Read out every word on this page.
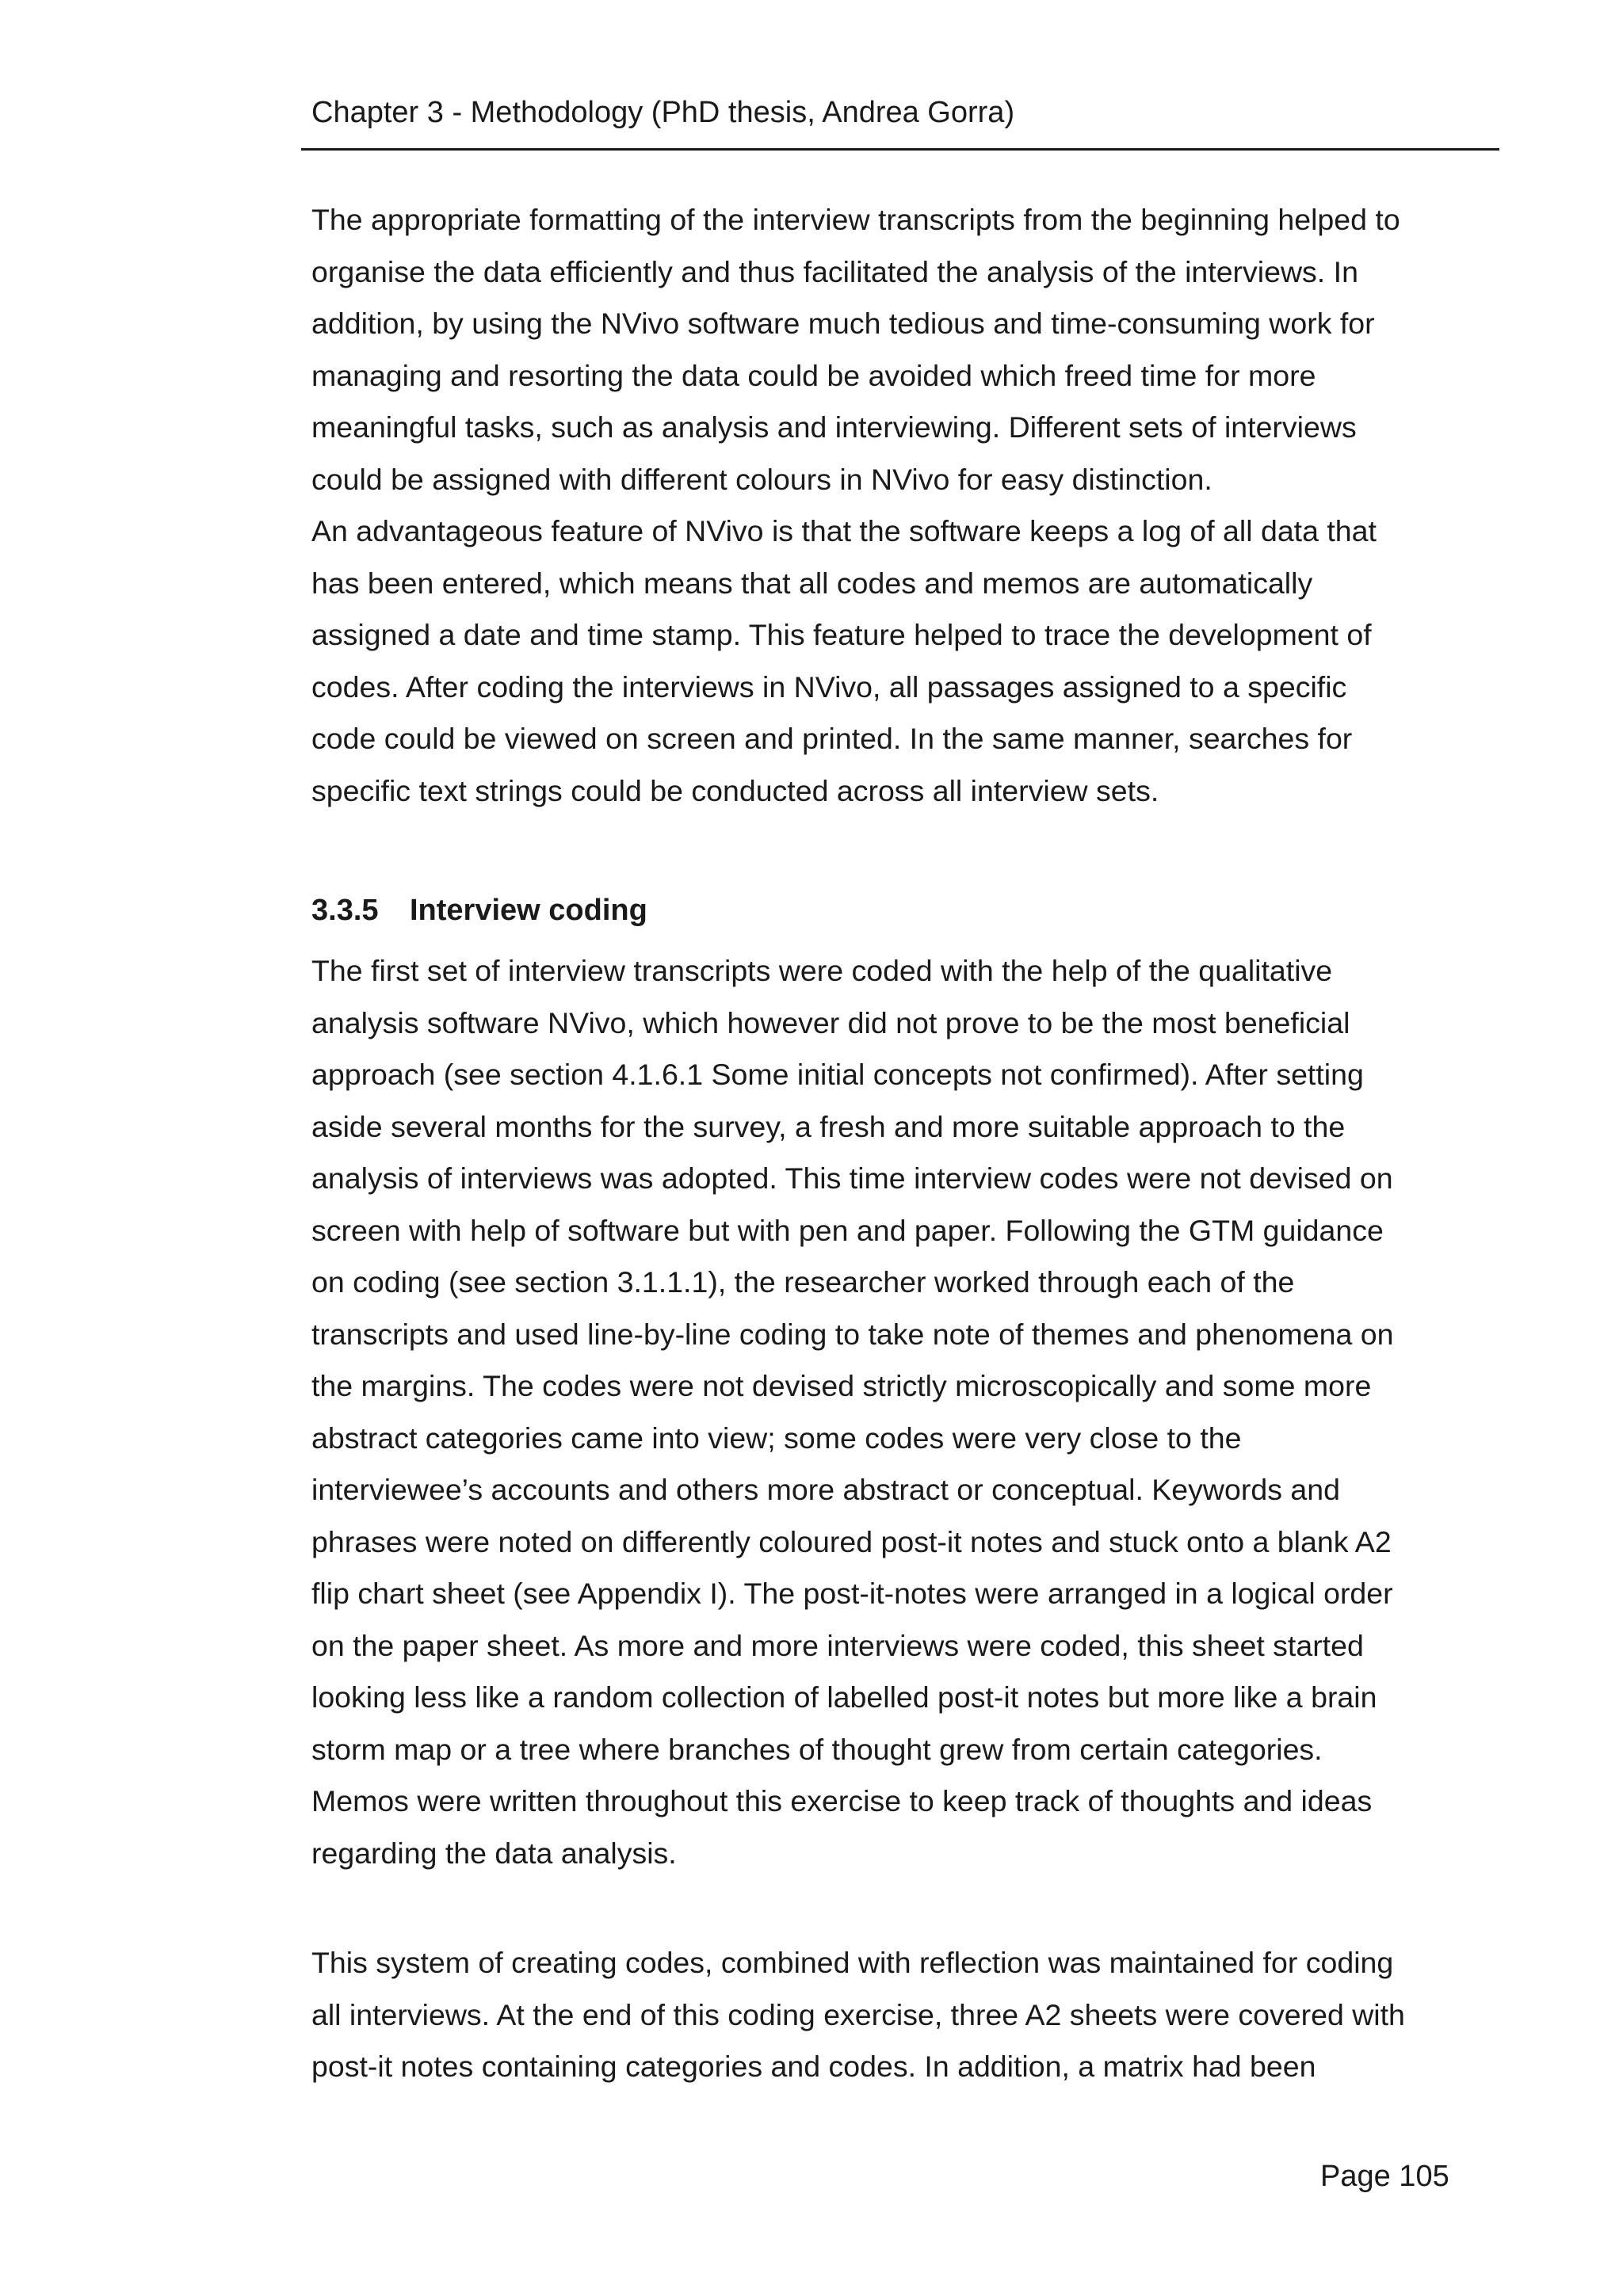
Chapter 3 - Methodology (PhD thesis, Andrea Gorra)

The appropriate formatting of the interview transcripts from the beginning helped to
organise the data efficiently and thus facilitated the analysis of the interviews. In
addition, by using the NVivo software much tedious and time-consuming work for
managing and resorting the data could be avoided which freed time for more
meaningful tasks, such as analysis and interviewing. Different sets of interviews
could be assigned with different colours in NVivo for easy distinction.
An advantageous feature of NVivo is that the software keeps a log of all data that
has been entered, which means that all codes and memos are automatically
assigned a date and time stamp. This feature helped to trace the development of
codes. After coding the interviews in NVivo, all passages assigned to a specific
code could be viewed on screen and printed. In the same manner, searches for
specific text strings could be conducted across all interview sets.

3.3.5 Interview coding

The first set of interview transcripts were coded with the help of the qualitative
analysis software NVivo, which however did not prove to be the most beneficial
approach (see section 4.1.6.1 Some initial concepts not confirmed). After setting
aside several months for the survey, a fresh and more suitable approach to the
analysis of interviews was adopted. This time interview codes were not devised on
screen with help of software but with pen and paper. Following the GTM guidance
on coding (see section 3.1.1.1), the researcher worked through each of the
transcripts and used line-by-line coding to take note of themes and phenomena on
the margins. The codes were not devised strictly microscopically and some more
abstract categories came into view; some codes were very close to the
interviewee’s accounts and others more abstract or conceptual. Keywords and
phrases were noted on differently coloured post-it notes and stuck onto a blank A2
flip chart sheet (see Appendix I). The post-it-notes were arranged in a logical order
on the paper sheet. As more and more interviews were coded, this sheet started
looking less like a random collection of labelled post-it notes but more like a brain
storm map or a tree where branches of thought grew from certain categories.
Memos were written throughout this exercise to keep track of thoughts and ideas
regarding the data analysis.

This system of creating codes, combined with reflection was maintained for coding
all interviews. At the end of this coding exercise, three A2 sheets were covered with
post-it notes containing categories and codes. In addition, a matrix had been

Page 105
